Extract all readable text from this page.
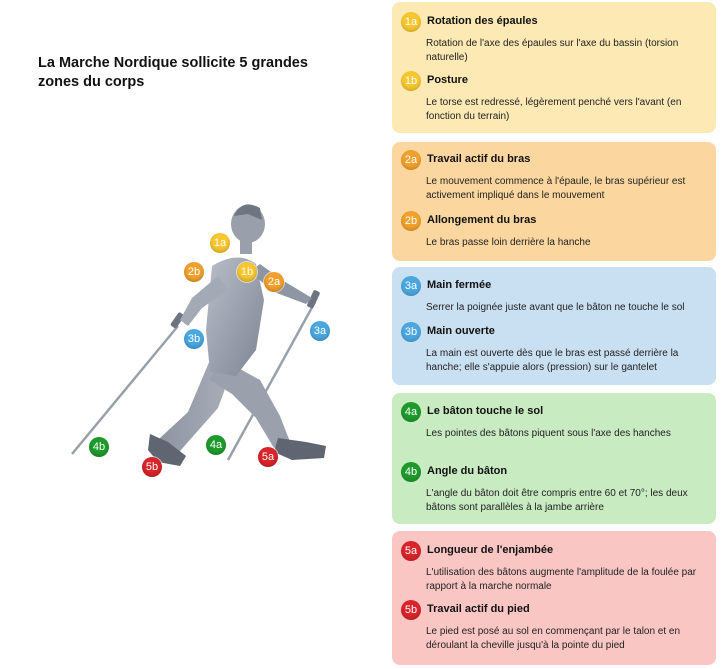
La Marche Nordique sollicite 5 grandes zones du corps
1a
1b
2a
2b
3a
3b
4a
4b
5a
5b
1a Rotation des épaules
Rotation de l'axe des épaules sur l'axe du bassin (torsion naturelle)
1b Posture
Le torse est redressé, légèrement penché vers l'avant (en fonction du terrain)
2a Travail actif du bras
Le mouvement commence à l'épaule, le bras supérieur est activement impliqué dans le mouvement
2b Allongement du bras
Le bras passe loin derrière la hanche
3a Main fermée
Serrer la poignée juste avant que le bâton ne touche le sol
3b Main ouverte
La main est ouverte dès que le bras est passé derrière la hanche; elle s'appuie alors (pression) sur le gantelet
4a Le bâton touche le sol
Les pointes des bâtons piquent sous l'axe des hanches
4b Angle du bâton
L'angle du bâton doit être compris entre 60 et 70°; les deux bâtons sont parallèles à la jambe arrière
5a Longueur de l'enjambée
L'utilisation des bâtons augmente l'amplitude de la foulée par rapport à la marche normale
5b Travail actif du pied
Le pied est posé au sol en commençant par le talon et en déroulant la cheville jusqu'à la pointe du pied
